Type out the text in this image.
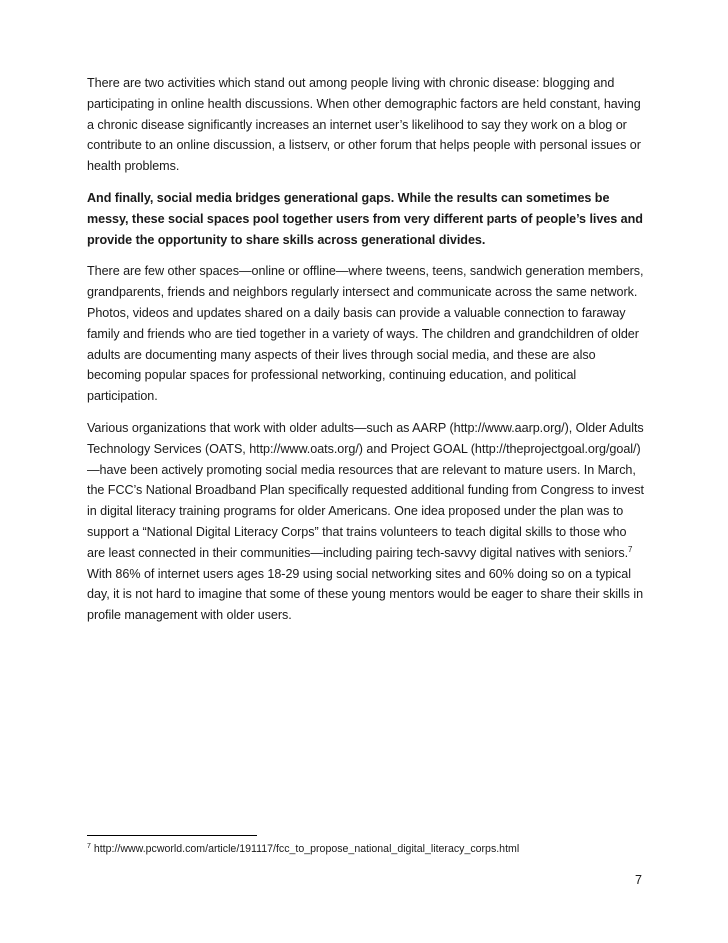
There are two activities which stand out among people living with chronic disease: blogging and participating in online health discussions. When other demographic factors are held constant, having a chronic disease significantly increases an internet user’s likelihood to say they work on a blog or contribute to an online discussion, a listserv, or other forum that helps people with personal issues or health problems.

And finally, social media bridges generational gaps. While the results can sometimes be messy, these social spaces pool together users from very different parts of people’s lives and provide the opportunity to share skills across generational divides.

There are few other spaces—online or offline—where tweens, teens, sandwich generation members, grandparents, friends and neighbors regularly intersect and communicate across the same network. Photos, videos and updates shared on a daily basis can provide a valuable connection to faraway family and friends who are tied together in a variety of ways. The children and grandchildren of older adults are documenting many aspects of their lives through social media, and these are also becoming popular spaces for professional networking, continuing education, and political participation.

Various organizations that work with older adults—such as AARP (http://www.aarp.org/), Older Adults Technology Services (OATS, http://www.oats.org/) and Project GOAL (http://theprojectgoal.org/goal/)—have been actively promoting social media resources that are relevant to mature users. In March, the FCC’s National Broadband Plan specifically requested additional funding from Congress to invest in digital literacy training programs for older Americans. One idea proposed under the plan was to support a “National Digital Literacy Corps” that trains volunteers to teach digital skills to those who are least connected in their communities—including pairing tech-savvy digital natives with seniors.$^7$ With 86% of internet users ages 18-29 using social networking sites and 60% doing so on a typical day, it is not hard to imagine that some of these young mentors would be eager to share their skills in profile management with older users.

$^7$ http://www.pcworld.com/article/191117/fcc_to_propose_national_digital_literacy_corps.html
7
